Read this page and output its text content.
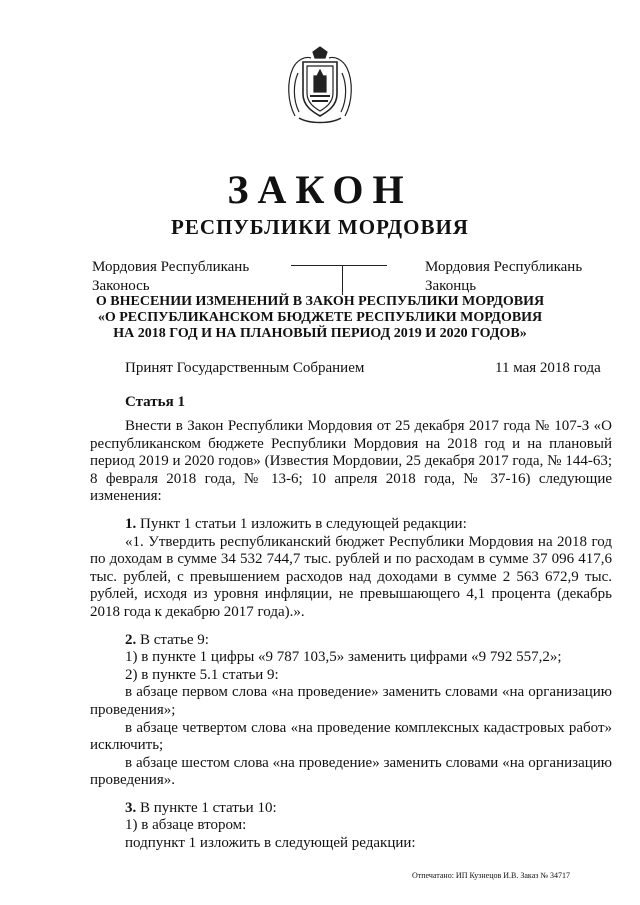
ЗАКОН
РЕСПУБЛИКИ МОРДОВИЯ
Мордовия Республикань
Законось
Мордовия Республикань
Законць
О ВНЕСЕНИИ ИЗМЕНЕНИЙ В ЗАКОН РЕСПУБЛИКИ МОРДОВИЯ
«О РЕСПУБЛИКАНСКОМ БЮДЖЕТЕ РЕСПУБЛИКИ МОРДОВИЯ
НА 2018 ГОД И НА ПЛАНОВЫЙ ПЕРИОД 2019 И 2020 ГОДОВ»
Принят Государственным Собранием	11 мая 2018 года
Статья 1

Внести в Закон Республики Мордовия от 25 декабря 2017 года № 107-З «О республиканском бюджете Республики Мордовия на 2018 год и на плановый период 2019 и 2020 годов» (Известия Мордовии, 25 декабря 2017 года, № 144-63; 8 февраля 2018 года, № 13-6; 10 апреля 2018 года, № 37-16) следующие изменения:

1. Пункт 1 статьи 1 изложить в следующей редакции:

«1. Утвердить республиканский бюджет Республики Мордовия на 2018 год по доходам в сумме 34 532 744,7 тыс. рублей и по расходам в сумме 37 096 417,6 тыс. рублей, с превышением расходов над доходами в сумме 2 563 672,9 тыс. рублей, исходя из уровня инфляции, не превышающего 4,1 процента (декабрь 2018 года к декабрю 2017 года).».

2. В статье 9:

1) в пункте 1 цифры «9 787 103,5» заменить цифрами «9 792 557,2»;

2) в пункте 5.1 статьи 9:

в абзаце первом слова «на проведение» заменить словами «на организацию проведения»;

в абзаце четвертом слова «на проведение комплексных кадастровых работ» исключить;

в абзаце шестом слова «на проведение» заменить словами «на организацию проведения».

3. В пункте 1 статьи 10:

1) в абзаце втором:

подпункт 1 изложить в следующей редакции:

Отпечатано: ИП Кузнецов И.В. Заказ № 34717
